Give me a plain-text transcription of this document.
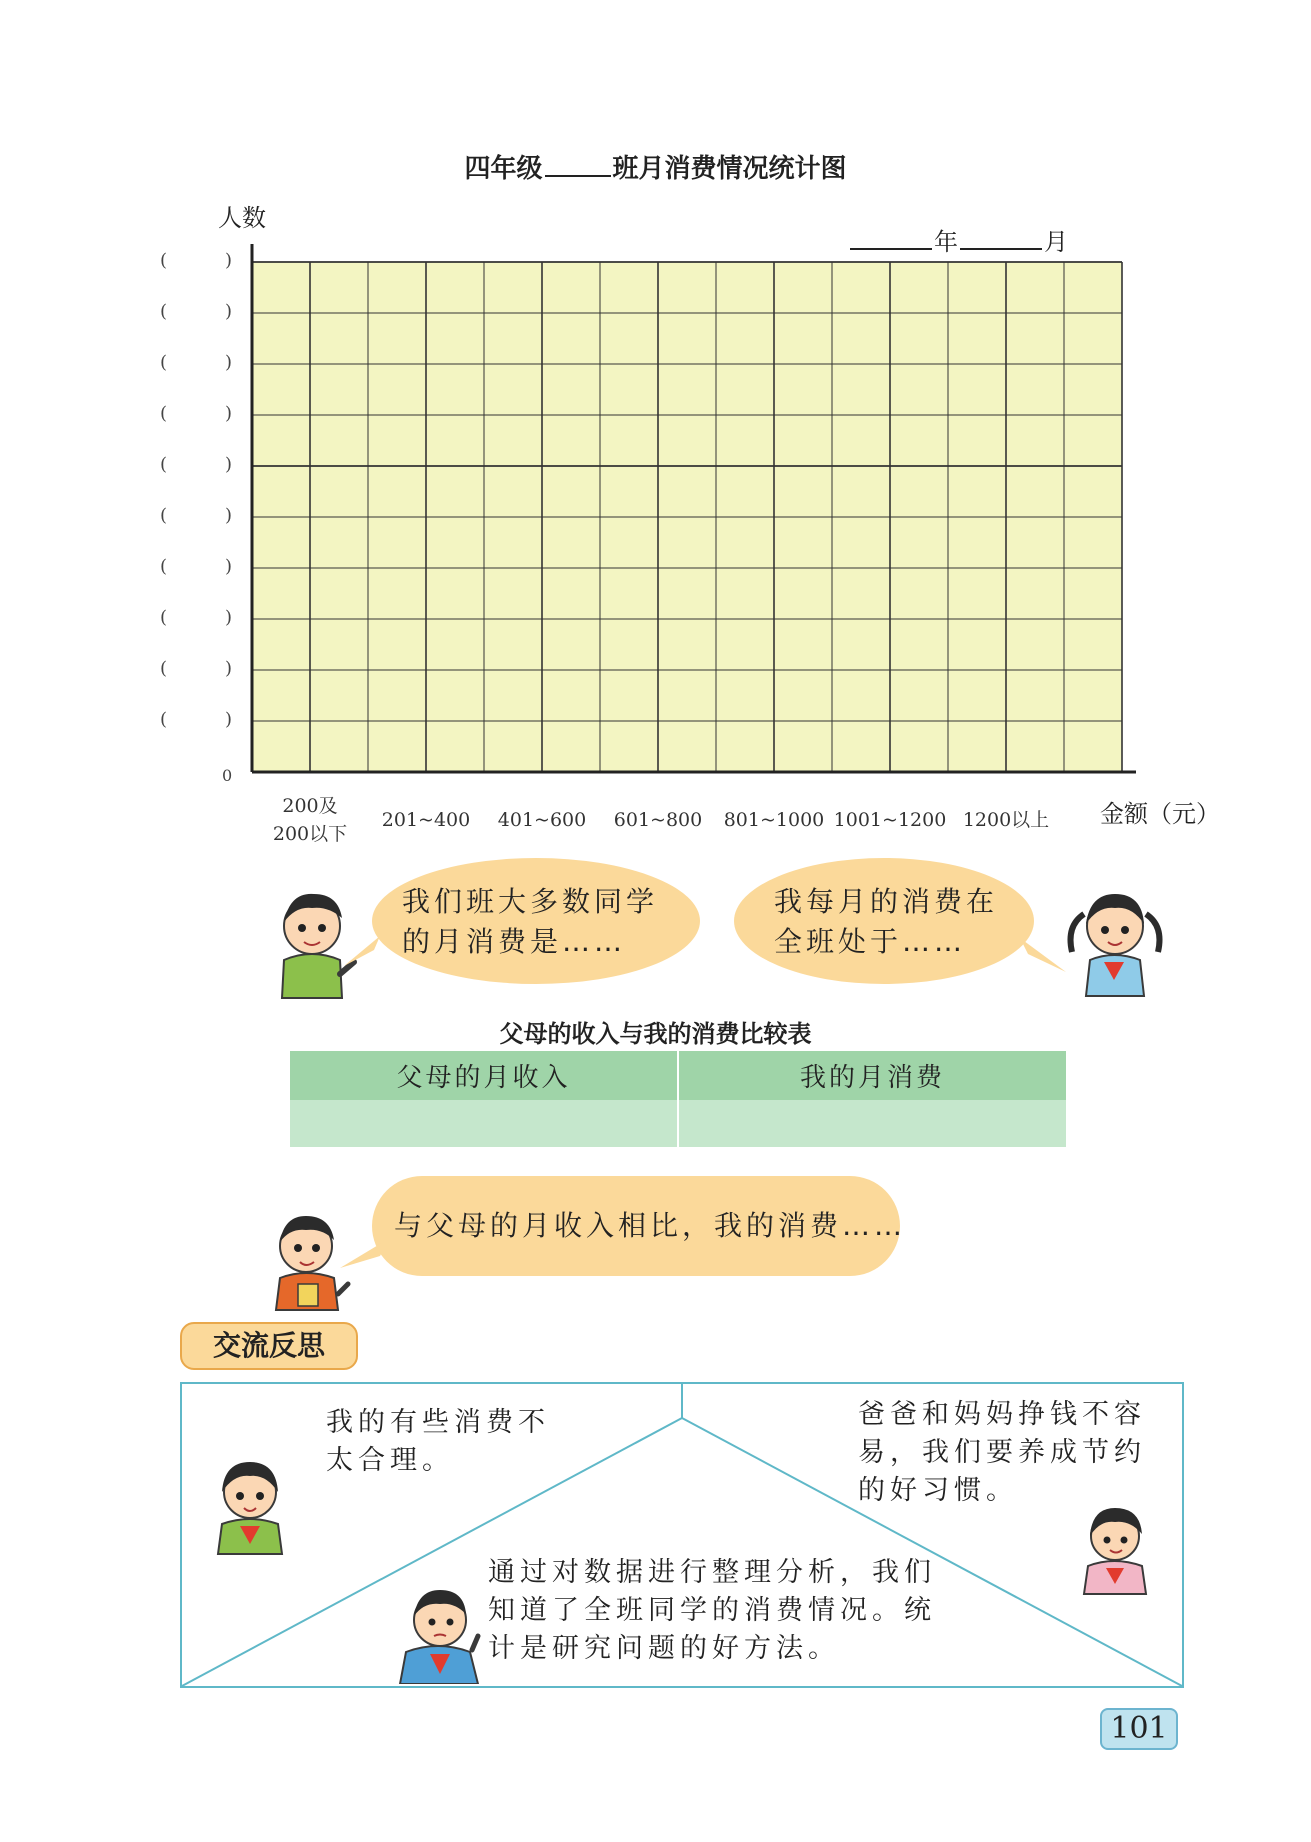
四年级	班月消费情况统计图
人数
年	月
(	)
(	)
(	)
(	)
(	)
(	)
(	)
(	)
(	)
(	)
0
200及
200以下
201~400	401~600	601~800	801~1000 1001~1200 1200以上	金额（元）
我们班大多数同学
的月消费是……
我每月的消费在
全班处于……
父母的收入与我的消费比较表
父母的月收入	我的月消费

与父母的月收入相比，我的消费……
交流反思
我的有些消费不
太合理。
爸爸和妈妈挣钱不容
易，我们要养成节约
的好习惯。
通过对数据进行整理分析，我们
知道了全班同学的消费情况。统
计是研究问题的好方法。
101
